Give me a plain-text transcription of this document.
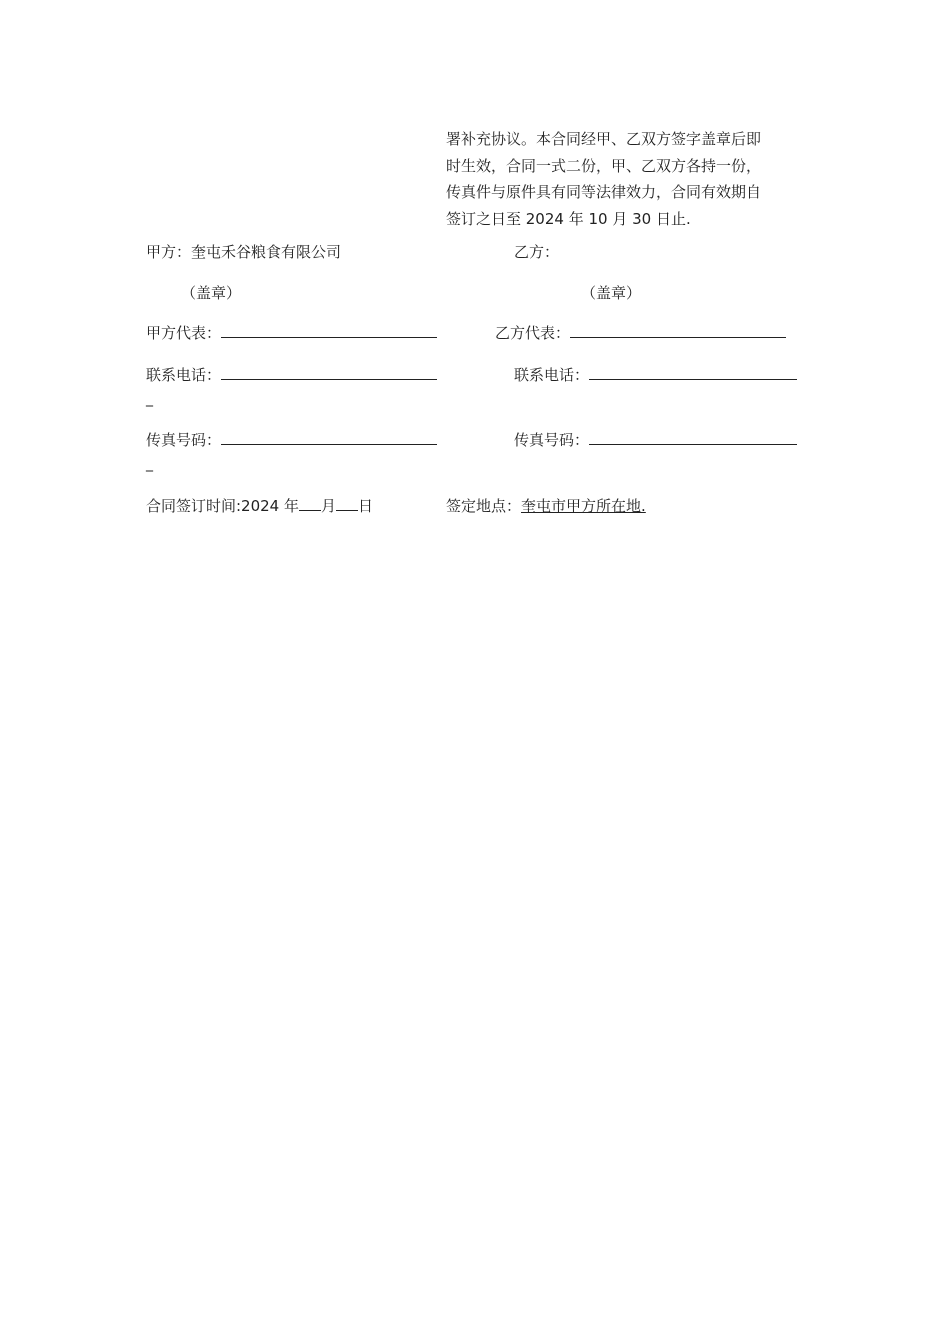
署补充协议。本合同经甲、乙双方签字盖章后即
时生效，合同一式二份，甲、乙双方各持一份，
传真件与原件具有同等法律效力，合同有效期自
签订之日至 2024 年 10 月 30 日止.
甲方：奎屯禾谷粮食有限公司	乙方：
（盖章）	（盖章）
甲方代表：	乙方代表：
联系电话：	联系电话：
_
传真号码：	传真号码：
_
合同签订时间:2024 年 月 日	签定地点：奎屯市甲方所在地.
